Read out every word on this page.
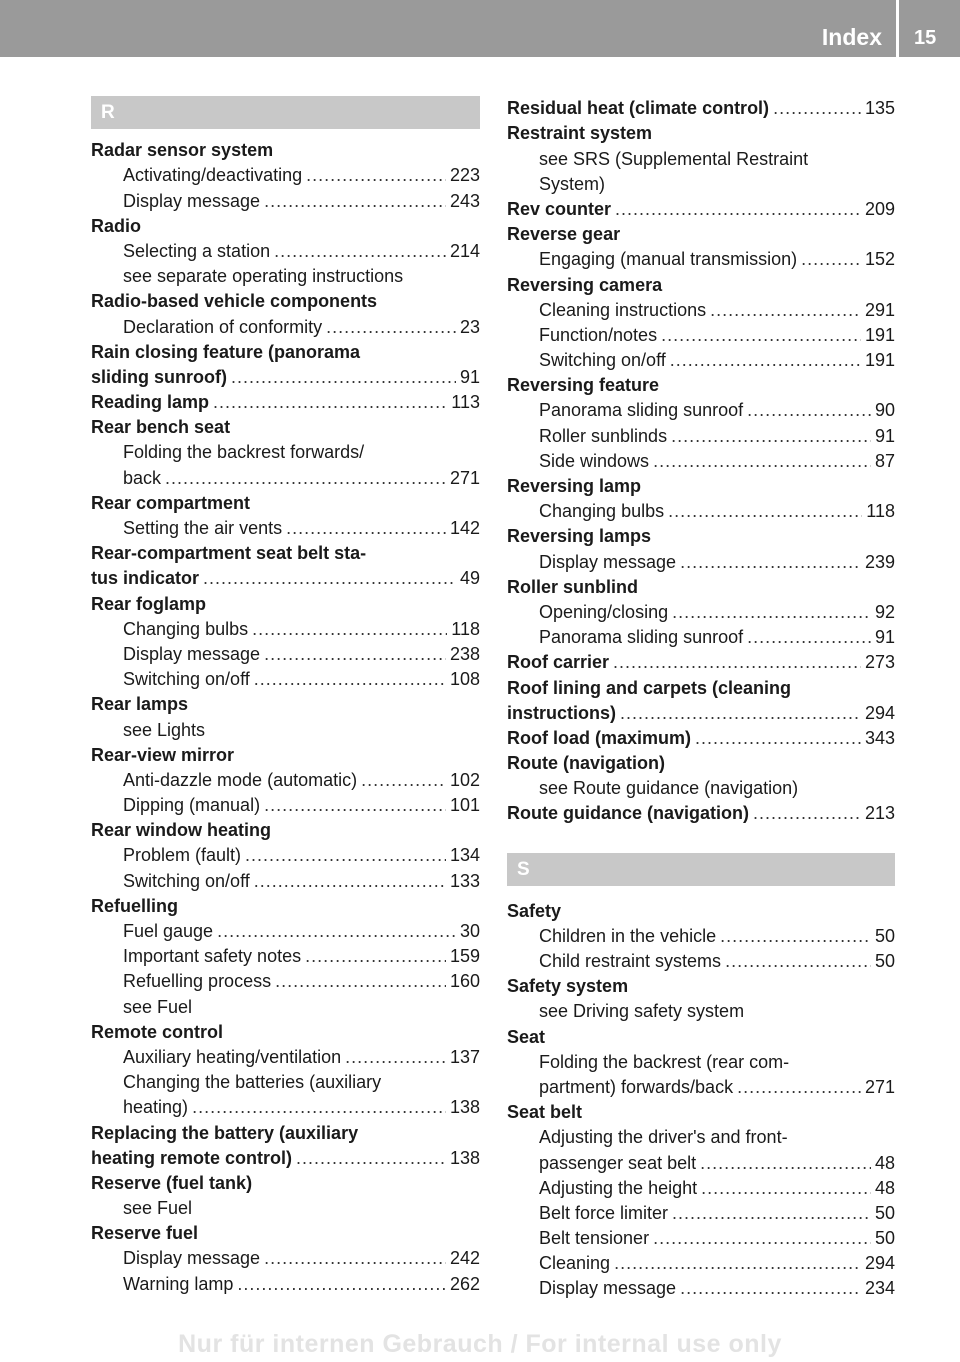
Index 15
R
Radar sensor system
Activating/deactivating .....	223
Display message .....	243
Radio
Selecting a station .....	214
see separate operating instructions
Radio-based vehicle components
Declaration of conformity .....	23
Rain closing feature (panorama
sliding sunroof) .....	91
Reading lamp .....	113
Rear bench seat
Folding the backrest forwards/
back .....	271
Rear compartment
Setting the air vents .....	142
Rear-compartment seat belt sta-
tus indicator .....	49
Rear foglamp
Changing bulbs .....	118
Display message .....	238
Switching on/off .....	108
Rear lamps
see Lights
Rear-view mirror
Anti-dazzle mode (automatic) .....	102
Dipping (manual) .....	101
Rear window heating
Problem (fault) .....	134
Switching on/off .....	133
Refuelling
Fuel gauge .....	30
Important safety notes .....	159
Refuelling process .....	160
see Fuel
Remote control
Auxiliary heating/ventilation .....	137
Changing the batteries (auxiliary
heating) .....	138
Replacing the battery (auxiliary
heating remote control) .....	138
Reserve (fuel tank)
see Fuel
Reserve fuel
Display message .....	242
Warning lamp .....	262
Residual heat (climate control) .....	135
Restraint system
see SRS (Supplemental Restraint
System)
Rev counter .....	209
Reverse gear
Engaging (manual transmission) .....	152
Reversing camera
Cleaning instructions .....	291
Function/notes .....	191
Switching on/off .....	191
Reversing feature
Panorama sliding sunroof .....	90
Roller sunblinds .....	91
Side windows .....	87
Reversing lamp
Changing bulbs .....	118
Reversing lamps
Display message .....	239
Roller sunblind
Opening/closing .....	92
Panorama sliding sunroof .....	91
Roof carrier .....	273
Roof lining and carpets (cleaning
instructions) .....	294
Roof load (maximum) .....	343
Route (navigation)
see Route guidance (navigation)
Route guidance (navigation) .....	213
S
Safety
Children in the vehicle .....	50
Child restraint systems .....	50
Safety system
see Driving safety system
Seat
Folding the backrest (rear com-
partment) forwards/back .....	271
Seat belt
Adjusting the driver's and front-
passenger seat belt .....	48
Adjusting the height .....	48
Belt force limiter .....	50
Belt tensioner .....	50
Cleaning .....	294
Display message .....	234
Nur für internen Gebrauch / For internal use only
